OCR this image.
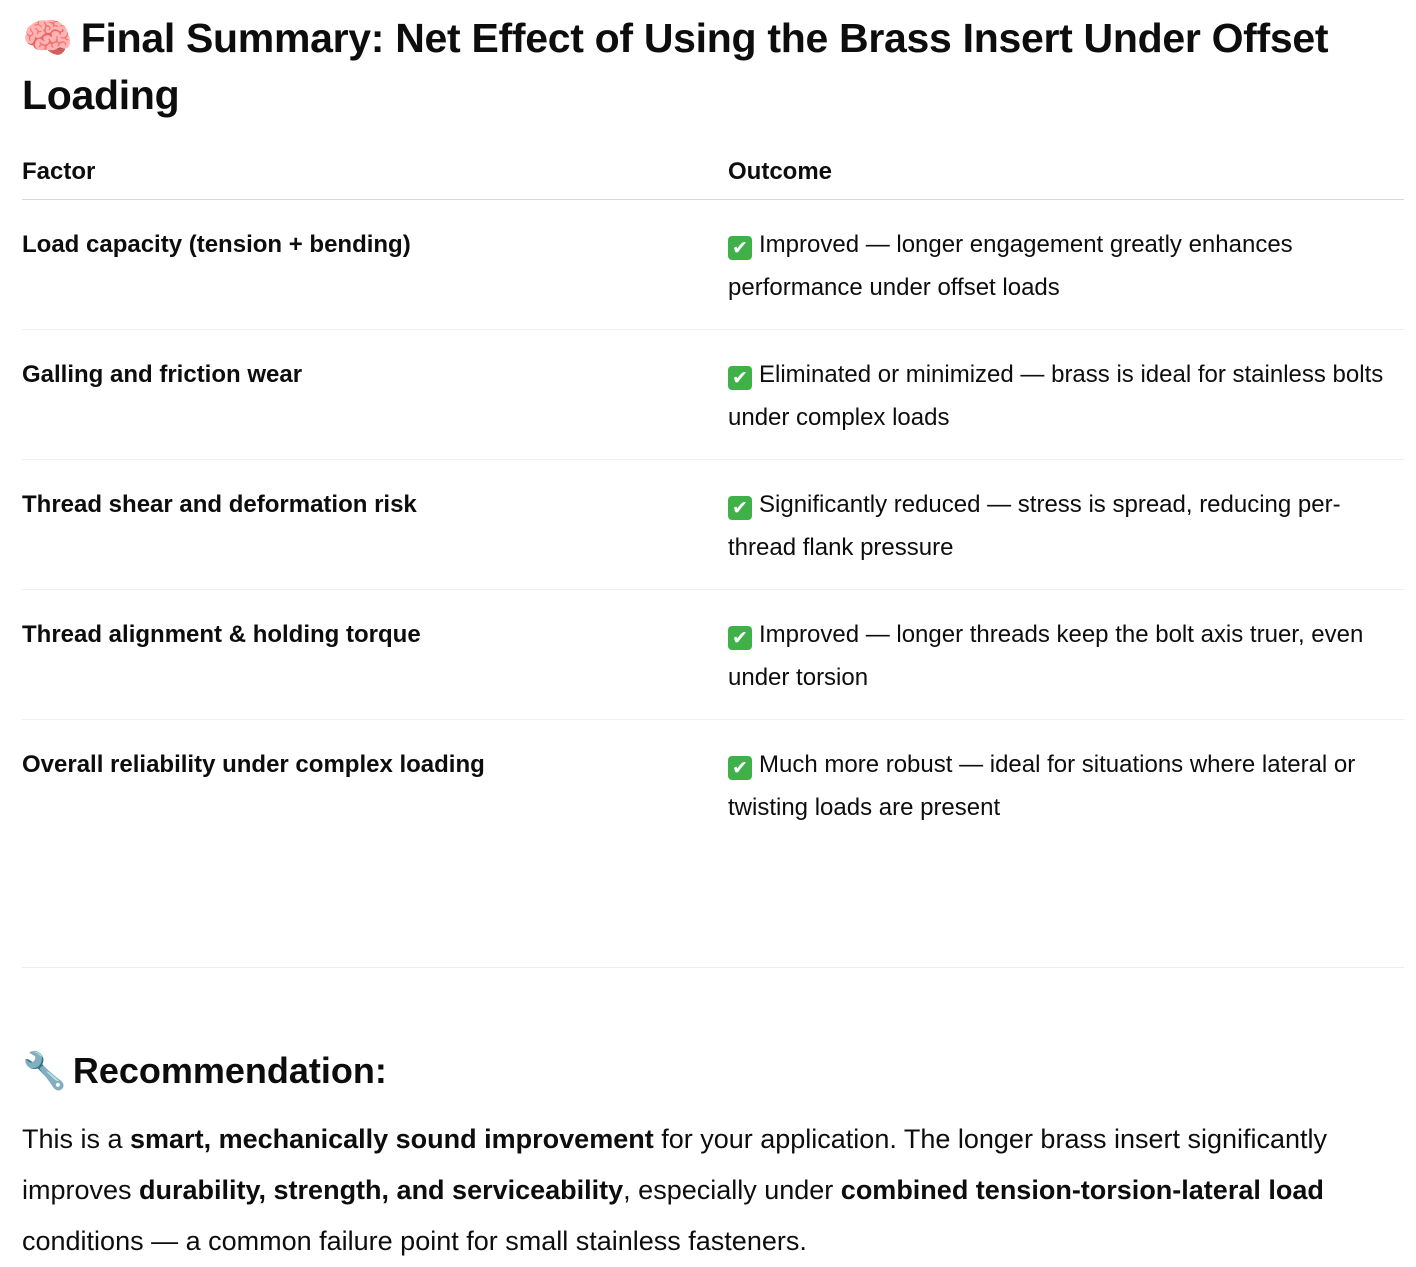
🧠 Final Summary: Net Effect of Using the Brass Insert Under Offset Loading
Factor	Outcome
Load capacity (tension + bending)	✔ Improved — longer engagement greatly enhances performance under offset loads
Galling and friction wear	✔ Eliminated or minimized — brass is ideal for stainless bolts under complex loads
Thread shear and deformation risk	✔ Significantly reduced — stress is spread, reducing per-thread flank pressure
Thread alignment & holding torque	✔ Improved — longer threads keep the bolt axis truer, even under torsion
Overall reliability under complex loading	✔ Much more robust — ideal for situations where lateral or twisting loads are present
🔧 Recommendation:

This is a smart, mechanically sound improvement for your application. The longer brass insert significantly improves durability, strength, and serviceability, especially under combined tension-torsion-lateral load conditions — a common failure point for small stainless fasteners.
